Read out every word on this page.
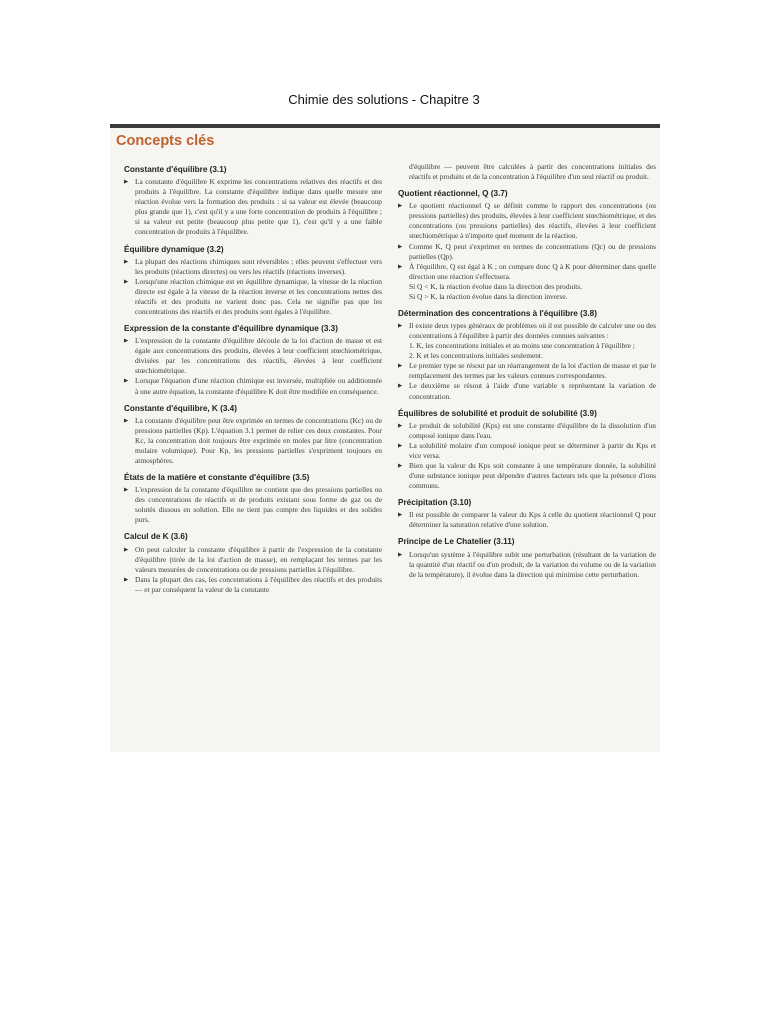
Chimie des solutions - Chapitre 3
Concepts clés
Constante d'équilibre (3.1)
▶ La constante d'équilibre K exprime les concentrations relatives des réactifs et des produits à l'équilibre. La constante d'équilibre indique dans quelle mesure une réaction évolue vers la formation des produits : si sa valeur est élevée (beaucoup plus grande que 1), c'est qu'il y a une forte concentration de produits à l'équilibre ; si sa valeur est petite (beaucoup plus petite que 1), c'est qu'il y a une faible concentration de produits à l'équilibre.
Équilibre dynamique (3.2)
▶ La plupart des réactions chimiques sont réversibles ; elles peuvent s'effectuer vers les produits (réactions directes) ou vers les réactifs (réactions inverses).
▶ Lorsqu'une réaction chimique est en équilibre dynamique, la vitesse de la réaction directe est égale à la vitesse de la réaction inverse et les concentrations nettes des réactifs et des produits ne varient donc pas. Cela ne signifie pas que les concentrations des réactifs et des produits sont égales à l'équilibre.
Expression de la constante d'équilibre dynamique (3.3)
▶ L'expression de la constante d'équilibre découle de la loi d'action de masse et est égale aux concentrations des produits, élevées à leur coefficient stœchiométrique, divisées par les concentrations des réactifs, élevées à leur coefficient stœchiométrique.
▶ Lorsque l'équation d'une réaction chimique est inversée, multipliée ou additionnée à une autre équation, la constante d'équilibre K doit être modifiée en conséquence.
Constante d'équilibre, K (3.4)
▶ La constante d'équilibre peut être exprimée en termes de concentrations (Kc) ou de pressions partielles (Kp). L'équation 3.1 permet de relier ces deux constantes. Pour Kc, la concentration doit toujours être exprimée en moles par litre (concentration molaire volumique). Pour Kp, les pressions partielles s'expriment toujours en atmosphères.
États de la matière et constante d'équilibre (3.5)
▶ L'expression de la constante d'équilibre ne contient que des pressions partielles ou des concentrations de réactifs et de produits existant sous forme de gaz ou de solutés dissous en solution. Elle ne tient pas compte des liquides et des solides purs.
Calcul de K (3.6)
▶ On peut calculer la constante d'équilibre à partir de l'expression de la constante d'équilibre (tirée de la loi d'action de masse), en remplaçant les termes par les valeurs mesurées de concentrations ou de pressions partielles à l'équilibre.
▶ Dans la plupart des cas, les concentrations à l'équilibre des réactifs et des produits — et par conséquent la valeur de la constante
d'équilibre — peuvent être calculées à partir des concentrations initiales des réactifs et produits et de la concentration à l'équilibre d'un seul réactif ou produit.
Quotient réactionnel, Q (3.7)
▶ Le quotient réactionnel Q se définit comme le rapport des concentrations (ou pressions partielles) des produits, élevées à leur coefficient stœchiométrique, et des concentrations (ou pressions partielles) des réactifs, élevées à leur coefficient stœchiométrique à n'importe quel moment de la réaction.
▶ Comme K, Q peut s'exprimer en termes de concentrations (Qc) ou de pressions partielles (Qp).
▶ À l'équilibre, Q est égal à K ; on compare donc Q à K pour déterminer dans quelle direction une réaction s'effectuera.
Si Q < K, la réaction évolue dans la direction des produits.
Si Q > K, la réaction évolue dans la direction inverse.
Détermination des concentrations à l'équilibre (3.8)
▶ Il existe deux types généraux de problèmes où il est possible de calculer une ou des concentrations à l'équilibre à partir des données connues suivantes :
1. K, les concentrations initiales et au moins une concentration à l'équilibre ;
2. K et les concentrations initiales seulement.
▶ Le premier type se résout par un réarrangement de la loi d'action de masse et par le remplacement des termes par les valeurs connues correspondantes.
▶ Le deuxième se résout à l'aide d'une variable x représentant la variation de concentration.
Équilibres de solubilité et produit de solubilité (3.9)
▶ Le produit de solubilité (Kps) est une constante d'équilibre de la dissolution d'un composé ionique dans l'eau.
▶ La solubilité molaire d'un composé ionique peut se déterminer à partir du Kps et vice versa.
▶ Bien que la valeur du Kps soit constante à une température donnée, la solubilité d'une substance ionique peut dépendre d'autres facteurs tels que la présence d'ions communs.
Précipitation (3.10)
▶ Il est possible de comparer la valeur du Kps à celle du quotient réactionnel Q pour déterminer la saturation relative d'une solution.
Principe de Le Chatelier (3.11)
▶ Lorsqu'un système à l'équilibre subit une perturbation (résultant de la variation de la quantité d'un réactif ou d'un produit, de la variation du volume ou de la variation de la température), il évolue dans la direction qui minimise cette perturbation.
